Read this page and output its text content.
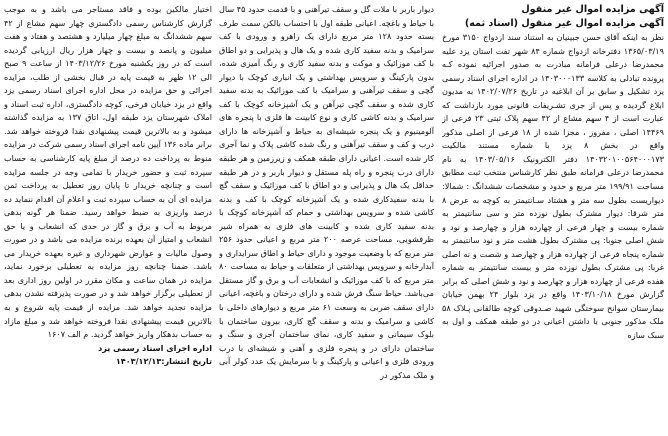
آگهی مزایده اموال غیر منقول

آگهی مزایده اموال غیر منقول (اسناد ثمه)

نظر به اینکه آقای حسن جبینیان به استناد سند ازدواج ۳۱۵۰ مورخ ۱۳۶۵/۰۳/۱۹ دفترخانه ازدواج شماره ۸۴ شهر تفت استان یزد علیه محمدرضا درعلی فرامانه مبادرت به صدور اجرائیه نموده کـه پرونده تبادلی به کلاسه ۱۴۰۳۰۰۰۱۳۳ در اداره اجرای اسناد رسمی یزد تشکیل و سابق بر آن ابلاغیه در تاریخ ۱۴۰۲/۰۷/۲۶ به مدیون ابلاغ گردیده و پس از جری تشـریفات قانونی مورد بازداشت که عبارت است از ۴ سهم مشاع از ۴۲ سهم پلاک ثبتی ۲۳ فرعی از ۱۴۴۶۹ اصلی ، مفروز ، مجزا شده از ۱۸ فرعی از اصلی مذکور واقع در بخش ۸ یزد با شماره مستند مالکیت ۱۴۰۳۲۰۱۰۰۵۶۴۰۰۰۱۷۳ دفتر الکترونیک ۱۴۰۳/۰۵/۱۶ به نام محمدرضا درعلی فرامانه طبق نظر کارشناس منتخب ثبت مطابق مساحت ۱۹۹/۹۱ متر مربع و حدود و مشخصات ششدانگ : شمالا: دیواریست بطول سه متر و هشتاد سـانتیمتر به کوچه به عرض ۸ متر شرقا: دیوار مشترک بطول نوزده متر و سی سانتیمتر به شماره بیست و چهار فرعی از چهارده هزار و چهارصد و نود و شش اصلی جنوبا: پی مشترک بطول هشت متر و نود سانتیمتر به شماره پنجاه فرعی از چهارده هزار و چهارصد و شصت و نه اصلی غربا: پی مشترک بطول نوزده متر و بیست سانتیمتر به شماره هفده فرعی از چهارده هزار و چهارصد و نود و شش اصلی که برابر گزارش مورخ ۱۴۰۳/۱۰/۱۸ واقع در یزد بلوار ۲۴ بهمن خیابان بیمارستان سوانح سوختگی شهید صـدوقی کوچه طالقانی پـلاک ۵۸ ملک مذکور جنوبی با داشتن اعیانی در دو طبقه همکف و اول به سبک سازه

دیوار باربر با ملات گل و سقف تیرآهنی و با قدمت حدود ۴۵ سال با حیاط و باغچه. اعیانی طبقه اول با احتساب بالکن سمت طرف بسته حدود ۱۲۸ متر مربع دارای یک راهرو و ورودی با کف سرامیک و بدنه سفید کاری شده و یک هال و پذیرایی و دو اطاق با کف موزائیک و موکت و بدنه سفید کاری و رنگ آمیزی شده، بدون پارکینگ و سرویس بهداشتی و یک انباری کوچک با دیوار گچی و سقف تیرآهنی و سرامیک با کف موزائیک به بدنه سفید کاری شده و سقف گچی تیرآهن و یک آشپزخانه کوچک با کف سرامیک و بدنه کاشی کاری و نوع کابینت ها فلزی با پنجره های آلومینیوم و یک پنجره شیشه‌ای به حیاط و آشپزخانه ها دارای درب و کف و سقف تیرآهنی و رنگ شده کاشی پلاک و نما آجری کار شده است. اعیانی دارای طبقه همکف و زیرزمین و هر طبقه دارای درب پنجره و راه پله مستقل و دیوار باربر و در هر طبقه حداقل یک هال و پذیرایی و دو اطاق با کف موزائیک و سقف گچ با بدنه سفیدکاری شده و یک آشپزخانه کوچک با کف و بدنه کاشی شده و سرویس بهداشتی و حمام که آشپزخانه کوچک با بدنه سفید کاری شده و کابینت های فلزی به همراه شیر ظرفشویی، مساحت عرصه ۲۰۰ متر مربع و اعیانی حدود ۲۵۶ متر مربع که با وضعیت موجود و دارای حیاط و اطاق سرایداری و آبدارخانه و سرویس بهداشتی از متعلقات و حیاط به مساحت ۸۰ متر مربع که با کف موزائیک و انشعابات آب و برق و گاز مستقل می‌باشد. حیاط سنگ فرش شده و دارای درختان و باغچه، اعیانی دارای سقف ضربی به وسعت ۶۱ متر مربع و دیوارهای داخلی با کاشی و سرامیک و بدنه و سقف گچ کاری، بیرون ساختمان با بلوک سیمانی و سفید کاری، نمای ساختمان آجری و سنگ و ساختمان دارای در و پنجره فلزی و آهنی و شیشه‌ای با درب ورودی فلزی و اعیانی و پارکینگ و با سرمایش یک عدد کولر آبی و ملک مذکور در

اختیار مالکین بوده و فاقد مستاجر می باشد و به موجب گزارش کارشناس رسمی دادگستری چهار سهم مشاع از ۴۲ سهم ششدانگ به مبلغ چهار میلیارد و هشتصد و هفتاد و هفت میلیون و پانصد و بیست و چهار هزار ریال ارزیابی گردیده است که در روز یکشنبه مورخ ۱۴۰۳/۱۲/۲۶ از ساعت ۹ صبح الی ۱۲ ظهر به قیمت پایه در قبال بخشی از طلب، مزایده اجرائی و حق مزایده در محل اداره اجرای اسناد رسمی یزد واقع در یزد خیابان فرخی، کوچه دادگستری، اداره ثبت اسناد و املاک شهرستان یزد طبقه اول، اتاق ۱۳۷ به مزایده گذاشته میشود و به بالاترین قیمت پیشنهادی نقدا فروخته خواهد شد. برابر ماده ۱۳۶ آیین نامه اجرای اسناد رسمی شرکت در مزایده منوط به پرداخت ده درصد از مبلغ پایه کارشناسی به حساب سپرده ثبت و حضور خریدار با تمامی وجه در جلسه مزایده است و چنانچه خریدار تا پایان روز تعطیل به پرداخت ثمن مزایده ای آن به حساب سپرده ثبت و اعلام آن اقدام ننماید ده درصد واریزی به ضبط خواهد رسید. ضمنا هر گونه بدهی مربوط به آب و برق و گاز در حدی که انشعاب و یا حق انشعاب و امتیاز آن بعهده برنده مزایده می باشد و در صورت وصول مالیات و عوارض شهرداری و غیره بعهده خریدار می باشد. ضمنا چنانچه روز مزایده به تعطیلی برخورد نماید، مزایده در همان ساعت و مکان مقرر در اولین روز اداری بعد از تعطیلی برگزار خواهد شد و در صورت پذیرفته نشدن بدهی مزایده تجدید خواهد شد. مزایده از قیمت پایه شروع و به بالاترین قیمت پیشنهادی نقدا فروخته خواهد شد و مبلغ مازاد به حساب بدهکار واریز خواهد گردید. م الف ۱۶۰۷

اداره اجرای اسناد رسمی یزد

تاریخ انتشار:۱۴۰۳/۱۲/۱۳
